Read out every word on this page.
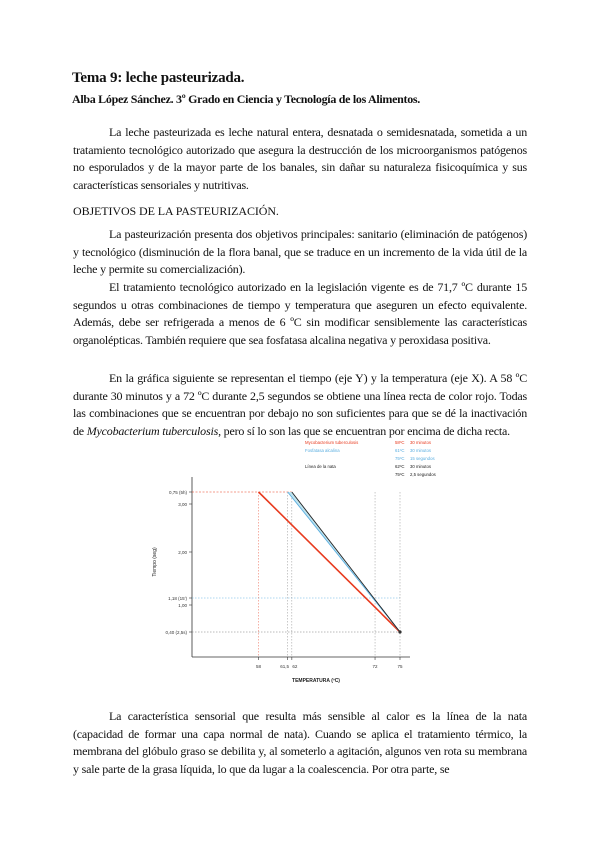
Tema 9: leche pasteurizada.

Alba López Sánchez. 3º Grado en Ciencia y Tecnología de los Alimentos.

La leche pasteurizada es leche natural entera, desnatada o semidesnatada, sometida a un tratamiento tecnológico autorizado que asegura la destrucción de los microorganismos patógenos no esporulados y de la mayor parte de los banales, sin dañar su naturaleza fisicoquímica y sus características sensoriales y nutritivas.

OBJETIVOS DE LA PASTEURIZACIÓN.

La pasteurización presenta dos objetivos principales: sanitario (eliminación de patógenos) y tecnológico (disminución de la flora banal, que se traduce en un incremento de la vida útil de la leche y permite su comercialización).

El tratamiento tecnológico autorizado en la legislación vigente es de 71,7 ºC durante 15 segundos u otras combinaciones de tiempo y temperatura que aseguren un efecto equivalente. Además, debe ser refrigerada a menos de 6 ºC sin modificar sensiblemente las características organolépticas. También requiere que sea fosfatasa alcalina negativa y peroxidasa positiva.

En la gráfica siguiente se representan el tiempo (eje Y) y la temperatura (eje X). A 58 ºC durante 30 minutos y a 72 ºC durante 2,5 segundos se obtiene una línea recta de color rojo. Todas las combinaciones que se encuentran por debajo no son suficientes para que se dé la inactivación de Mycobacterium tuberculosis, pero sí lo son las que se encuentran por encima de dicha recta.

0,75 (5h)
3,00
2,00
1,18 (15')
1,00
0,40 (2,5s)
58	61,5 62	72	75
TEMPERATURA (ºC)
Tiempo (seg)
Mycobacterium tuberculosis	58ºC 30 minutos
Fosfatasa alcalina	61ºC 30 minutos
75ºC 15 segundos
Línea de la nata	62ºC 30 minutos
75ºC 2,5 segundos

La característica sensorial que resulta más sensible al calor es la línea de la nata (capacidad de formar una capa normal de nata). Cuando se aplica el tratamiento térmico, la membrana del glóbulo graso se debilita y, al someterlo a agitación, algunos ven rota su membrana y sale parte de la grasa líquida, lo que da lugar a la coalescencia. Por otra parte, se
